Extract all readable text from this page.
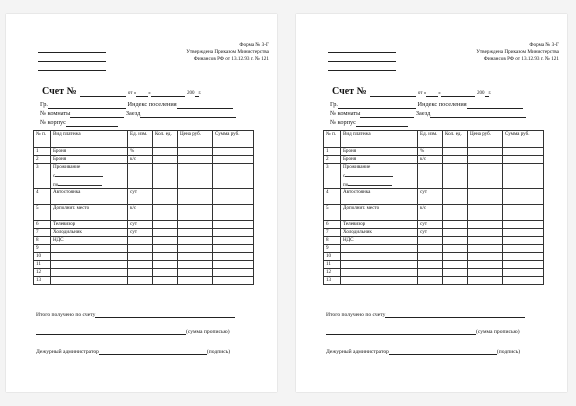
Форма № 3-Г
Утверждена Приказом Министерства
Финансов РФ от 13.12.93 г. № 121
Счет №	от « »	200 г.
Гр.	Индекс поселения
№ комнаты	Заезд
№ корпус
№ п.	Вид платежа	Ед. изм.	Кол. ед.	Цена руб.	Сумма руб.
1	Броня	%			
2	Броня	к/с			
3	Проживание
с
по				

4	Автостоянка	сут			
5	Дополнит. место	к/с			
6	Телевизор	сут			
7	Холодильник	сут			
8	НДС				
9					
10					
11					
12					
13					
Итого получено по счету
(сумма прописью)
Дежурный администратор	(подпись)
Форма № 3-Г
Утверждена Приказом Министерства
Финансов РФ от 13.12.93 г. № 121
Счет №	от « »	200 г.
Гр.	Индекс поселения
№ комнаты	Заезд
№ корпус
№ п.	Вид платежа	Ед. изм.	Кол. ед.	Цена руб.	Сумма руб.
1	Броня	%			
2	Броня	к/с			
3	Проживание
с
по				

4	Автостоянка	сут			
5	Дополнит. место	к/с			
6	Телевизор	сут			
7	Холодильник	сут			
8	НДС				
9					
10					
11					
12					
13					
Итого получено по счету
(сумма прописью)
Дежурный администратор	(подпись)
